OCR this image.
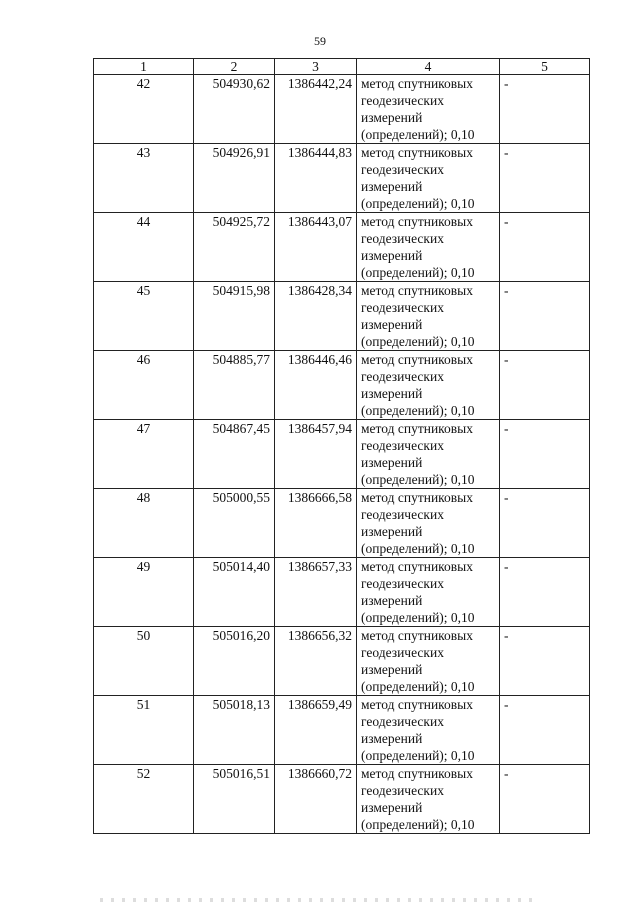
59
1	2	3	4	5
42	504930,62	1386442,24	метод спутниковых
геодезических
измерений
(определений); 0,10	-
43	504926,91	1386444,83	метод спутниковых
геодезических
измерений
(определений); 0,10	-
44	504925,72	1386443,07	метод спутниковых
геодезических
измерений
(определений); 0,10	-
45	504915,98	1386428,34	метод спутниковых
геодезических
измерений
(определений); 0,10	-
46	504885,77	1386446,46	метод спутниковых
геодезических
измерений
(определений); 0,10	-
47	504867,45	1386457,94	метод спутниковых
геодезических
измерений
(определений); 0,10	-
48	505000,55	1386666,58	метод спутниковых
геодезических
измерений
(определений); 0,10	-
49	505014,40	1386657,33	метод спутниковых
геодезических
измерений
(определений); 0,10	-
50	505016,20	1386656,32	метод спутниковых
геодезических
измерений
(определений); 0,10	-
51	505018,13	1386659,49	метод спутниковых
геодезических
измерений
(определений); 0,10	-
52	505016,51	1386660,72	метод спутниковых
геодезических
измерений
(определений); 0,10	-
